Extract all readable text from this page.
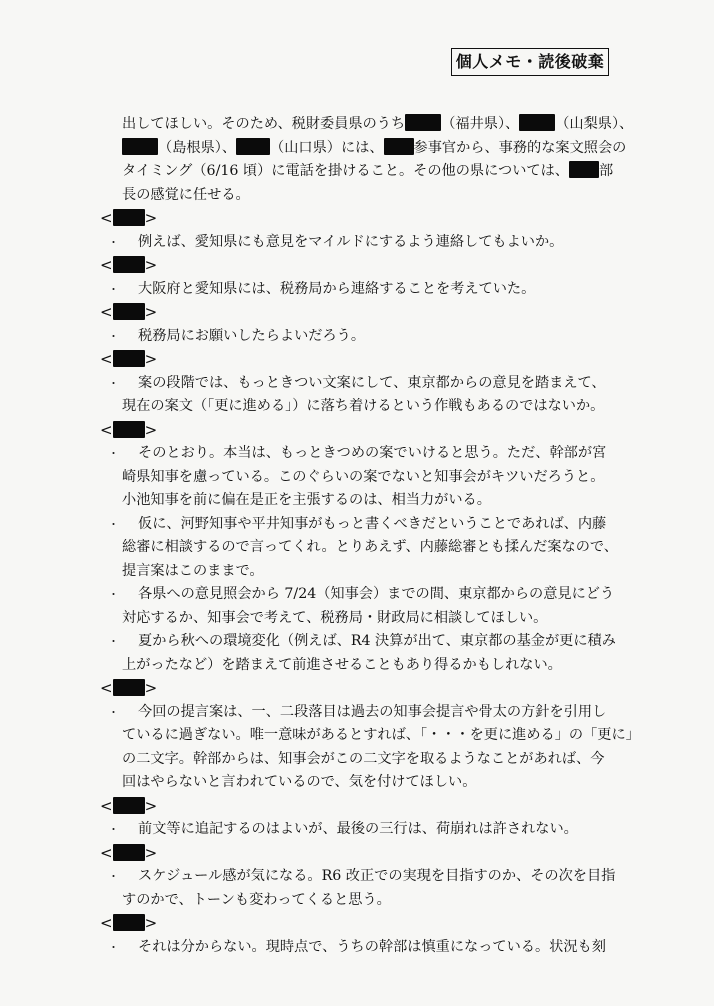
個人メモ・読後破棄
出してほしい。そのため、税財委員県のうち	（福井県）、	（山梨県）、
（島根県）、 （山口県）には、 参事官から、事務的な案文照会の
タイミング（6/16 頃）に電話を掛けること。その他の県については、 部
長の感覚に任せる。
< >
・ 例えば、愛知県にも意見をマイルドにするよう連絡してもよいか。
< >
・ 大阪府と愛知県には、税務局から連絡することを考えていた。
< >
・ 税務局にお願いしたらよいだろう。
< >
・ 案の段階では、もっときつい文案にして、東京都からの意見を踏まえて、
現在の案文（「更に進める」）に落ち着けるという作戦もあるのではないか。
< >
・ そのとおり。本当は、もっときつめの案でいけると思う。ただ、幹部が宮
崎県知事を慮っている。このぐらいの案でないと知事会がキツいだろうと。
小池知事を前に偏在是正を主張するのは、相当力がいる。
・ 仮に、河野知事や平井知事がもっと書くべきだということであれば、内藤
総審に相談するので言ってくれ。とりあえず、内藤総審とも揉んだ案なので、
提言案はこのままで。
・ 各県への意見照会から 7/24（知事会）までの間、東京都からの意見にどう
対応するか、知事会で考えて、税務局・財政局に相談してほしい。
・ 夏から秋への環境変化（例えば、R4 決算が出て、東京都の基金が更に積み
上がったなど）を踏まえて前進させることもあり得るかもしれない。
< >
・ 今回の提言案は、一、二段落目は過去の知事会提言や骨太の方針を引用し
ているに過ぎない。唯一意味があるとすれば、「・・・を更に進める」の「更に」
の二文字。幹部からは、知事会がこの二文字を取るようなことがあれば、今
回はやらないと言われているので、気を付けてほしい。
< >
・ 前文等に追記するのはよいが、最後の三行は、荷崩れは許されない。
< >
・ スケジュール感が気になる。R6 改正での実現を目指すのか、その次を目指
すのかで、トーンも変わってくると思う。
< >
・ それは分からない。現時点で、うちの幹部は慎重になっている。状況も刻
